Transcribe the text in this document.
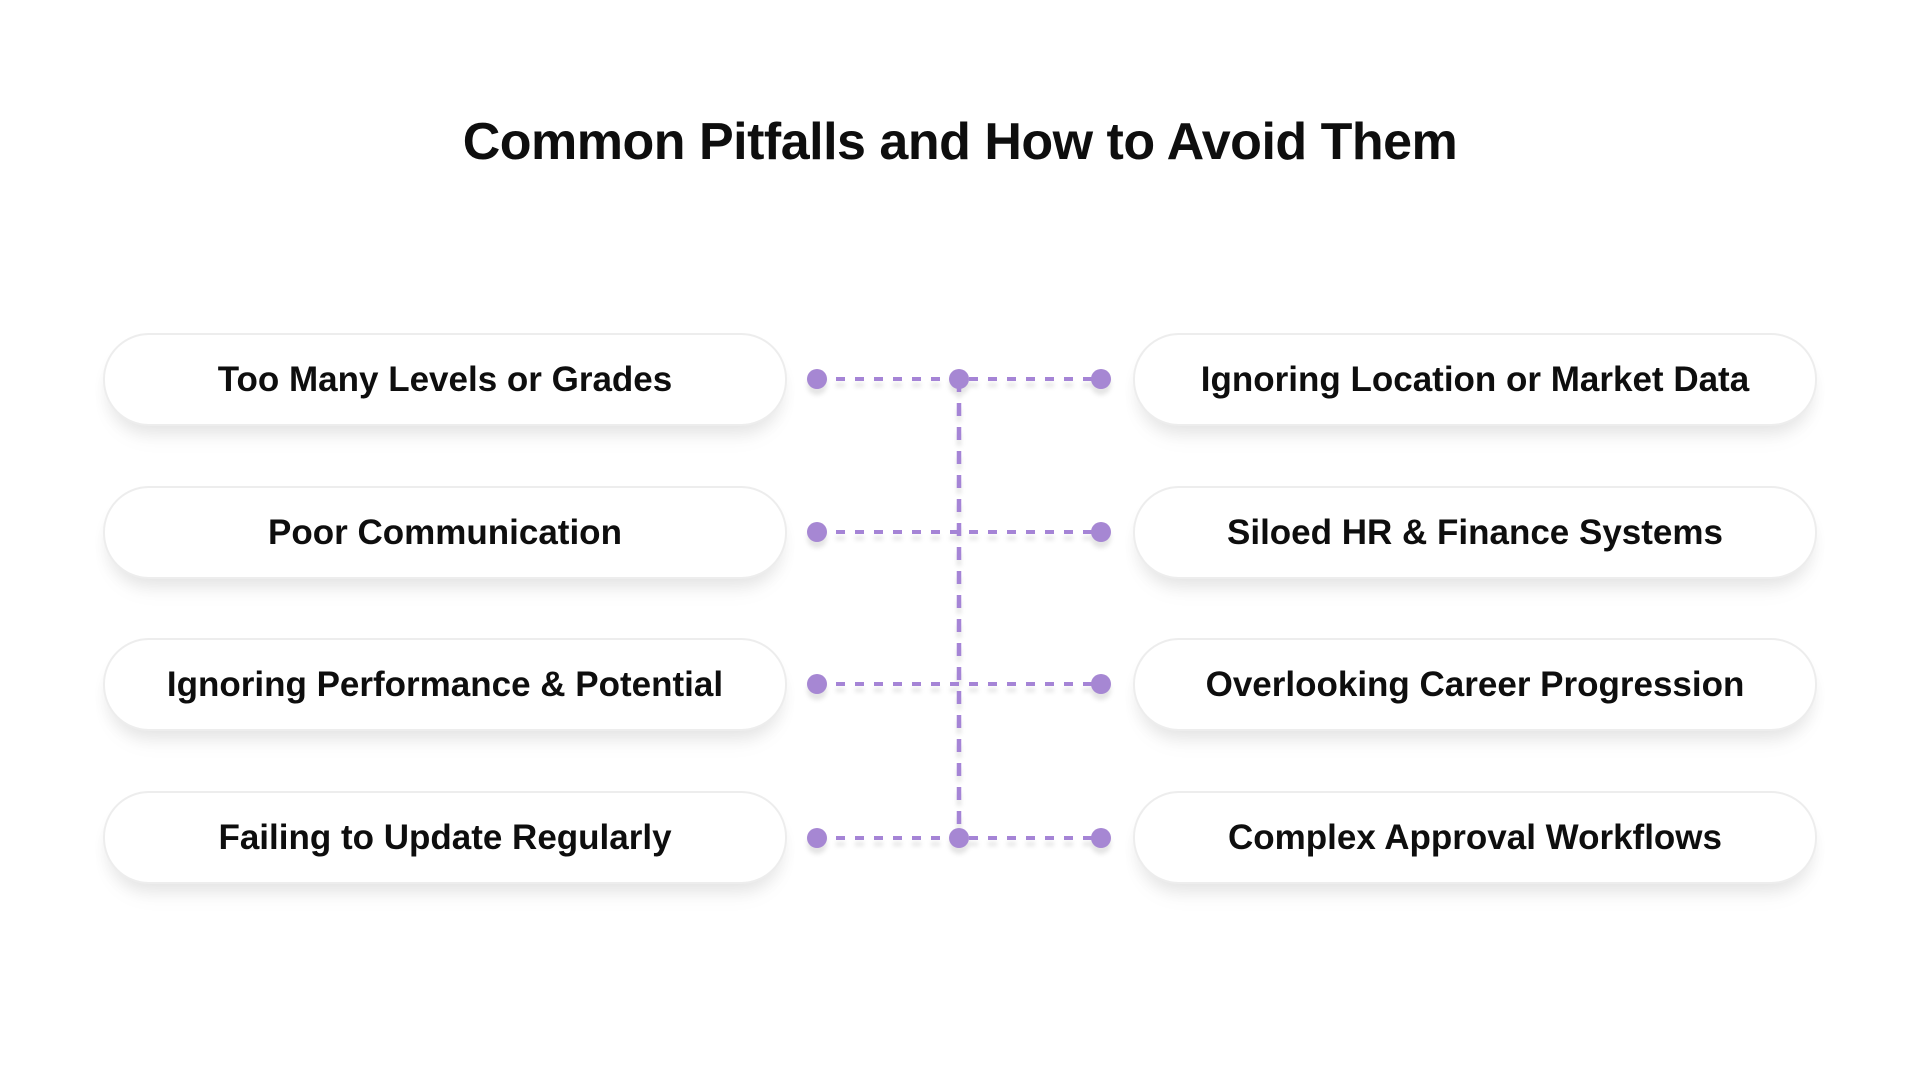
Common Pitfalls and How to Avoid Them
Too Many Levels or Grades	Ignoring Location or Market Data
Poor Communication	Siloed HR & Finance Systems
Ignoring Performance & Potential	Overlooking Career Progression
Failing to Update Regularly	Complex Approval Workflows
